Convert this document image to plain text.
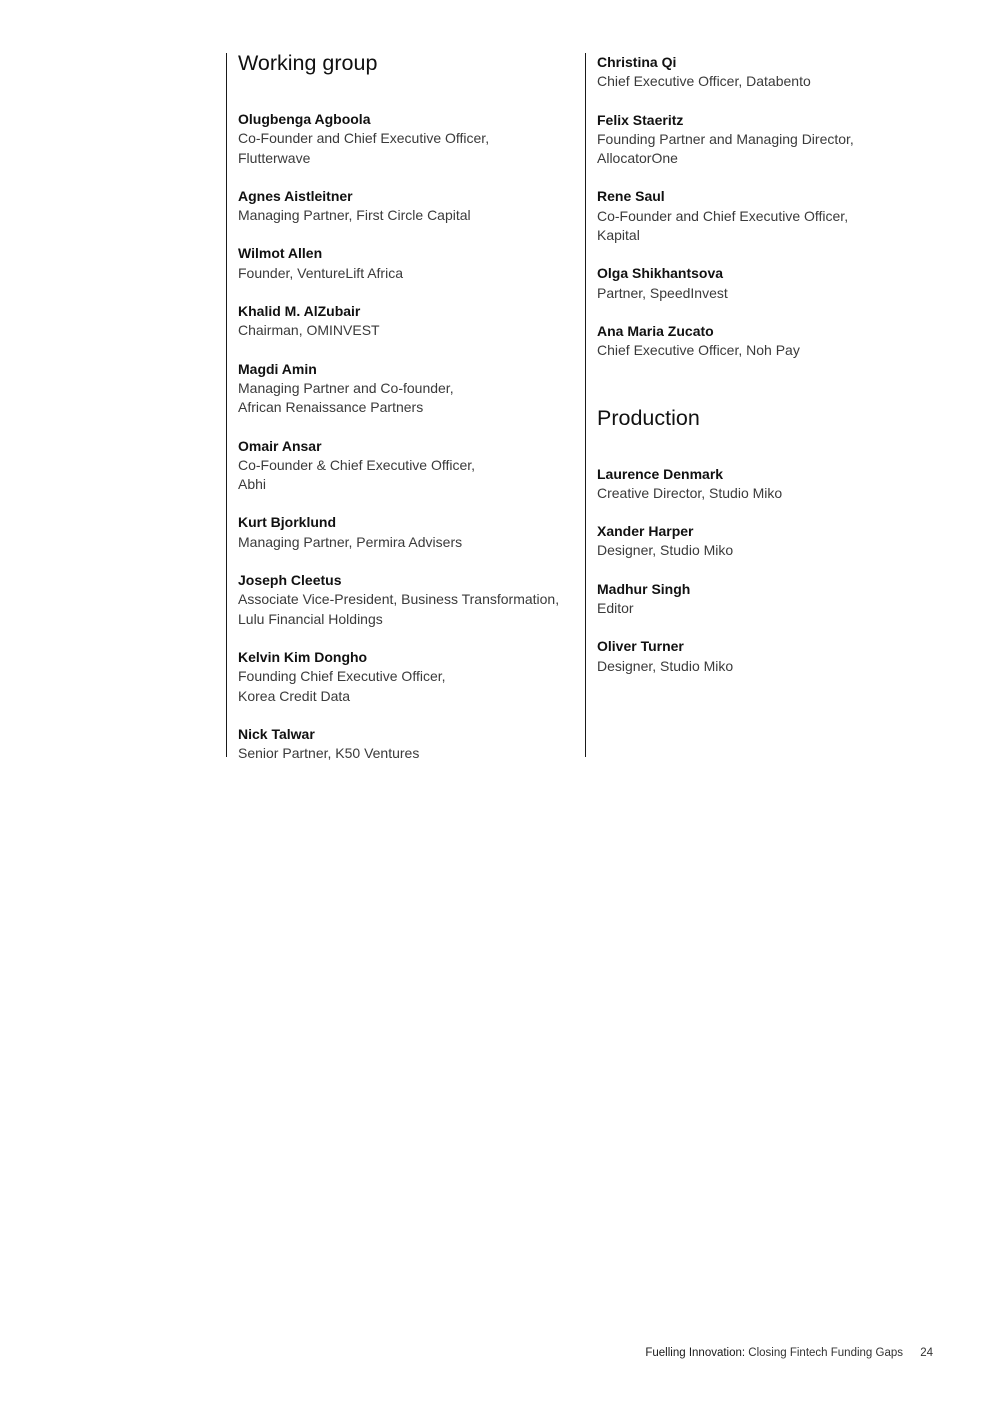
Working group
Olugbenga Agboola
Co-Founder and Chief Executive Officer,
Flutterwave
Agnes Aistleitner
Managing Partner, First Circle Capital
Wilmot Allen
Founder, VentureLift Africa
Khalid M. AlZubair
Chairman, OMINVEST
Magdi Amin
Managing Partner and Co-founder,
African Renaissance Partners
Omair Ansar
Co-Founder & Chief Executive Officer,
Abhi
Kurt Bjorklund
Managing Partner, Permira Advisers
Joseph Cleetus
Associate Vice-President, Business Transformation,
Lulu Financial Holdings
Kelvin Kim Dongho
Founding Chief Executive Officer,
Korea Credit Data
Nick Talwar
Senior Partner, K50 Ventures
Christina Qi
Chief Executive Officer, Databento
Felix Staeritz
Founding Partner and Managing Director,
AllocatorOne
Rene Saul
Co-Founder and Chief Executive Officer,
Kapital
Olga Shikhantsova
Partner, SpeedInvest
Ana Maria Zucato
Chief Executive Officer, Noh Pay
Production
Laurence Denmark
Creative Director, Studio Miko
Xander Harper
Designer, Studio Miko
Madhur Singh
Editor
Oliver Turner
Designer, Studio Miko
Fuelling Innovation: Closing Fintech Funding Gaps 24
